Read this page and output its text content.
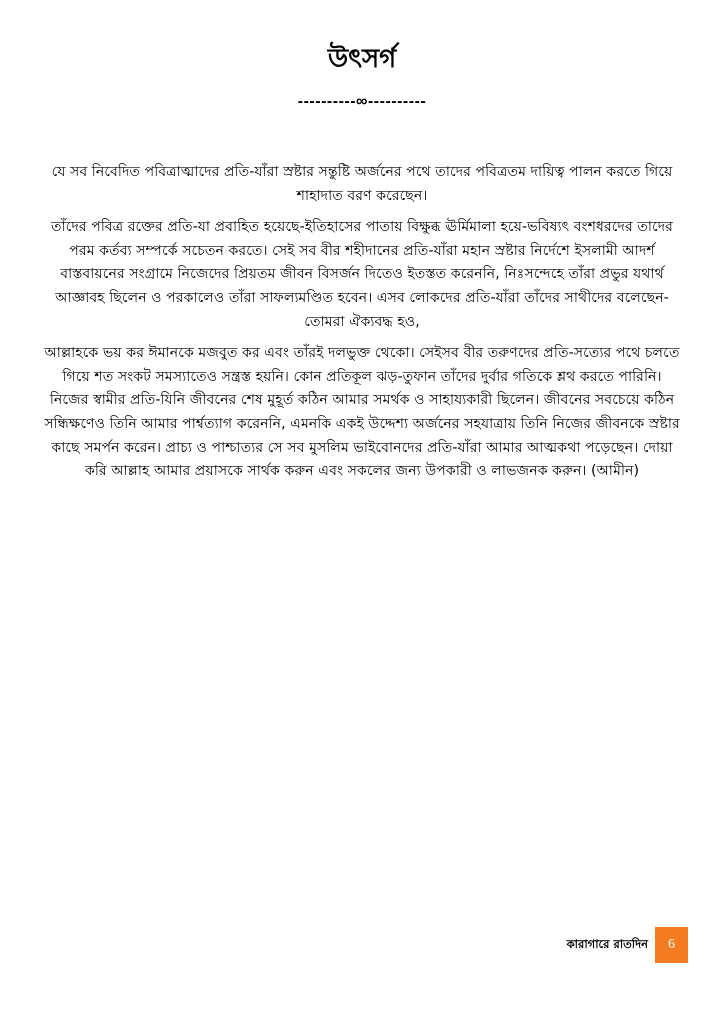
উৎসর্গ
----------∞----------

যে সব নিবেদিত পবিত্রাত্মাদের প্রতি-যাঁরা স্রষ্টার সন্তুষ্টি অর্জনের পথে তাদের পবিত্রতম দায়িত্ব পালন করতে গিয়ে শাহাদাত বরণ করেছেন।

তাঁদের পবিত্র রক্তের প্রতি-যা প্রবাহিত হয়েছে-ইতিহাসের পাতায় বিক্ষুব্ধ ঊর্মিমালা হয়ে-ভবিষ্যৎ বংশধরদের তাদের পরম কর্তব্য সম্পর্কে সচেতন করতে। সেই সব বীর শহীদানের প্রতি-যাঁরা মহান স্রষ্টার নির্দেশে ইসলামী আদর্শ বাস্তবায়নের সংগ্রামে নিজেদের প্রিয়তম জীবন বিসর্জন দিতেও ইতস্তত করেননি, নিঃসন্দেহে তাঁরা প্রভুর যথার্থ আজ্ঞাবহ ছিলেন ও পরকালেও তাঁরা সাফল্যমণ্ডিত হবেন। এসব লোকদের প্রতি-যাঁরা তাঁদের সাথীদের বলেছেন-তোমরা ঐক্যবদ্ধ হও,

আল্লাহকে ভয় কর ঈমানকে মজবুত কর এবং তাঁরই দলভুক্ত থেকো। সেইসব বীর তরুণদের প্রতি-সত্যের পথে চলতে গিয়ে শত সংকট সমস্যাতেও সন্ত্রস্ত হয়নি। কোন প্রতিকূল ঝড়-তুফান তাঁদের দুর্বার গতিকে শ্লথ করতে পারিনি। নিজের স্বামীর প্রতি-যিনি জীবনের শেষ মুহূর্ত কঠিন আমার সমর্থক ও সাহায্যকারী ছিলেন। জীবনের সবচেয়ে কঠিন সন্ধিক্ষণেও তিনি আমার পার্শ্বত্যাগ করেননি, এমনকি একই উদ্দেশ্য অর্জনের সহযাত্রায় তিনি নিজের জীবনকে স্রষ্টার কাছে সমর্পন করেন। প্রাচ্য ও পাশ্চাত্যর সে সব মুসলিম ভাইবোনদের প্রতি-যাঁরা আমার আত্মকথা পড়েছেন। দোয়া করি আল্লাহ আমার প্রয়াসকে সার্থক করুন এবং সকলের জন্য উপকারী ও লাভজনক করুন। (আমীন)

কারাগারে রাতদিন	6
